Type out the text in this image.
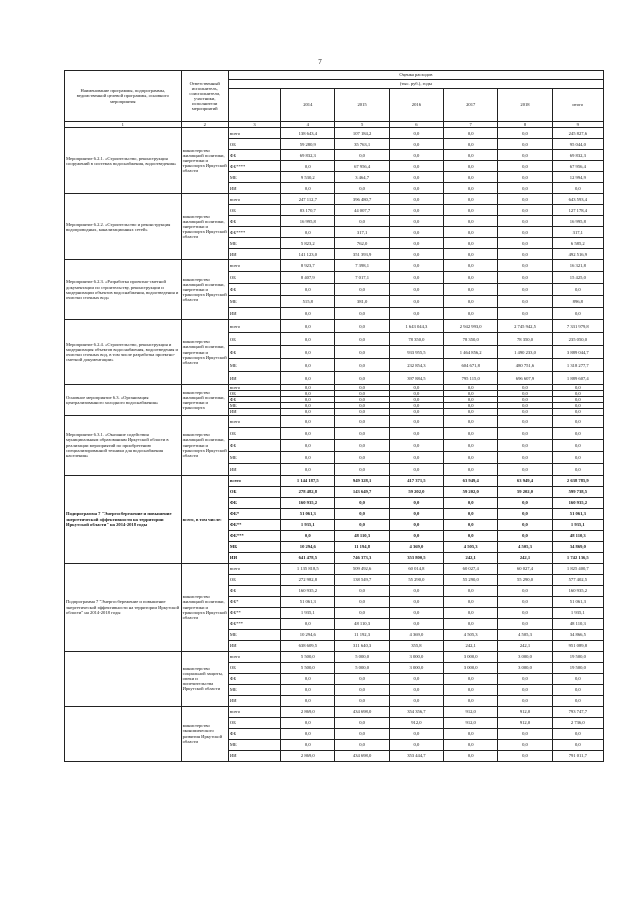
7
Наименование программы, подпрограммы, ведомственной целевой программы, основного мероприятия	Ответственный исполнитель, соисполнители, участники, исполнители мероприятий	Оценка расходов						
		(тыс. руб.), годы						
			2014	2015	2016	2017	2018	итого
1	2	3	4	5	6	7	8	9
Мероприятие 6.2.1. «Строительство, реконструкция сооружений в системах водоснабжения, водоотведения»	министерство жилищной политики, энергетики и транспорта Иркутской области	всего	138 643,4	107 184,2	0,0	0,0	0,0	245 827,6
		ОБ	59 280,9	35 763,1	0,0	0,0	0,0	95 044,0
		ФБ	69 832,3	0,0	0,0	0,0	0,0	69 832,3
		ФБ****	0,0	67 956,4	0,0	0,0	0,0	67 956,4
		МБ	9 530,2	3 464,7	0,0	0,0	0,0	12 994,9
		ИИ	0,0	0,0	0,0	0,0	0,0	0,0
Мероприятие 6.2.2. «Строительство и реконструкция водопроводных, канализационных сетей»	министерство жилищной политики, энергетики и транспорта Иркутской области	всего	247 112,7	396 480,7	0,0	0,0	0,0	643 593,4
		ОБ	83 170,7	44 007,7	0,0	0,0	0,0	127 178,4
		ФБ	16 995,8	0,0	0,0	0,0	0,0	16 995,8
		ФБ****	0,0	317,1	0,0	0,0	0,0	317,1
		МБ	5 823,2	762,0	0,0	0,0	0,0	6 585,2
		ИИ	141 123,0	351 393,9	0,0	0,0	0,0	492 516,9
Мероприятие 6.2.3. «Разработка проектно-сметной документации по строительству, реконструкции и модернизации объектов водоснабжения, водоотведения и очистки сточных вод»	министерство жилищной политики, энергетики и транспорта Иркутской области	всего	8 923,7	7 398,1	0,0	0,0	0,0	16 321,8
		ОБ	8 407,9	7 017,1	0,0	0,0	0,0	15 425,0
		ФБ	0,0	0,0	0,0	0,0	0,0	0,0
		МБ	515,8	381,0	0,0	0,0	0,0	896,8
		ИИ	0,0	0,0	0,0	0,0	0,0	0,0
Мероприятие 6.2.4. «Строительство, реконструкция и модернизация объектов водоснабжения, водоотведения и очистки сточных вод, в том числе разработка проектно-сметной документации»	министерство жилищной политики, энергетики и транспорта Иркутской области	всего	0,0	0,0	1 643 044,3	2 942 993,0	2 745 942,5	7 331 979,8
		ОБ	0,0	0,0	78 350,0	78 350,0	78 350,0	235 050,0
		ФБ	0,0	0,0	933 955,5	1 464 856,2	1 490 233,0	3 889 044,7
		МБ	0,0	0,0	232 854,3	604 671,8	480 751,6	1 318 277,7
		ИИ	0,0	0,0	397 884,5	795 115,0	696 607,9	1 889 607,4
Основное мероприятие 6.3. «Организация централизованного холодного водоснабжения»	министерство жилищной политики, энергетики и транспорта	всего	0,0	0,0	0,0	0,0	0,0	0,0
		ОБ	0,0	0,0	0,0	0,0	0,0	0,0
		ФБ	0,0	0,0	0,0	0,0	0,0	0,0
		МБ	0,0	0,0	0,0	0,0	0,0	0,0
		ИИ	0,0	0,0	0,0	0,0	0,0	0,0
Мероприятие 6.3.1. «Оказание содействия муниципальным образованиям Иркутской области в реализации мероприятий по приобретению специализированной техники для водоснабжения населения»	министерство жилищной политики, энергетики и транспорта Иркутской области	всего	0,0	0,0	0,0	0,0	0,0	0,0
		ОБ	0,0	0,0	0,0	0,0	0,0	0,0
		ФБ	0,0	0,0	0,0	0,0	0,0	0,0
		МБ	0,0	0,0	0,0	0,0	0,0	0,0
		ИИ	0,0	0,0	0,0	0,0	0,0	0,0
Подпрограмма 7 "Энергосбережение и повышение энергетической эффективности на территории Иркутской области" на 2014-2018 годы	всего, в том числе:	всего	1 144 187,5	949 328,1	417 371,5	63 949,4	63 949,4	2 638 785,9
		ОБ	278 482,8	143 649,7	59 202,0	59 202,0	59 202,0	599 738,5
		ФБ	160 935,2	0,0	0,0	0,0	0,0	160 935,2
		ФБ*	51 061,3	0,0	0,0	0,0	0,0	51 061,3
		ФБ**	1 935,1	0,0	0,0	0,0	0,0	1 935,1
		ФБ***	0,0	48 110,3	0,0	0,0	0,0	48 110,3
		МБ	10 294,6	11 194,8	4 369,0	4 505,3	4 505,3	34 869,0
		ИИ	641 478,5	746 373,3	353 800,5	242,1	242,1	1 742 136,5
Подпрограмма 7 "Энергосбережение и повышение энергетической эффективности на территории Иркутской области" на 2014-2018 годы	министерство жилищной политики, энергетики и транспорта Иркутской области	всего	1 135 818,5	509 492,6	60 014,8	60 027,4	60 027,4	1 825 400,7
		ОБ	272 982,8	138 549,7	55 290,0	55 290,0	55 290,0	577 402,5
		ФБ	160 935,2	0,0	0,0	0,0	0,0	160 935,2
		ФБ*	51 061,3	0,0	0,0	0,0	0,0	51 061,3
		ФБ**	1 935,1	0,0	0,0	0,0	0,0	1 935,1
		ФБ***	0,0	48 110,3	0,0	0,0	0,0	48 110,3
		МБ	10 294,6	11 192,3	4 369,0	4 505,3	4 505,3	34 866,5
		ИИ	638 609,5	311 640,3	355,8	242,1	242,1	951 089,8
	министерство социальной защиты, опеки и попечительства Иркутской области	всего	5 500,0	5 000,0	3 000,0	3 000,0	3 000,0	19 500,0
		ОБ	5 500,0	5 000,0	3 000,0	3 000,0	3 000,0	19 500,0
		ФБ	0,0	0,0	0,0	0,0	0,0	0,0
		МБ	0,0	0,0	0,0	0,0	0,0	0,0
		ИИ	0,0	0,0	0,0	0,0	0,0	0,0
	министерство экономического развития Иркутской области	всего	2 869,0	434 698,0	354 356,7	912,0	912,0	793 747,7
		ОБ	0,0	0,0	912,0	912,0	912,0	2 736,0
		ФБ	0,0	0,0	0,0	0,0	0,0	0,0
		МБ	0,0	0,0	0,0	0,0	0,0	0,0
		ИИ	2 869,0	434 698,0	353 444,7	0,0	0,0	791 011,7
